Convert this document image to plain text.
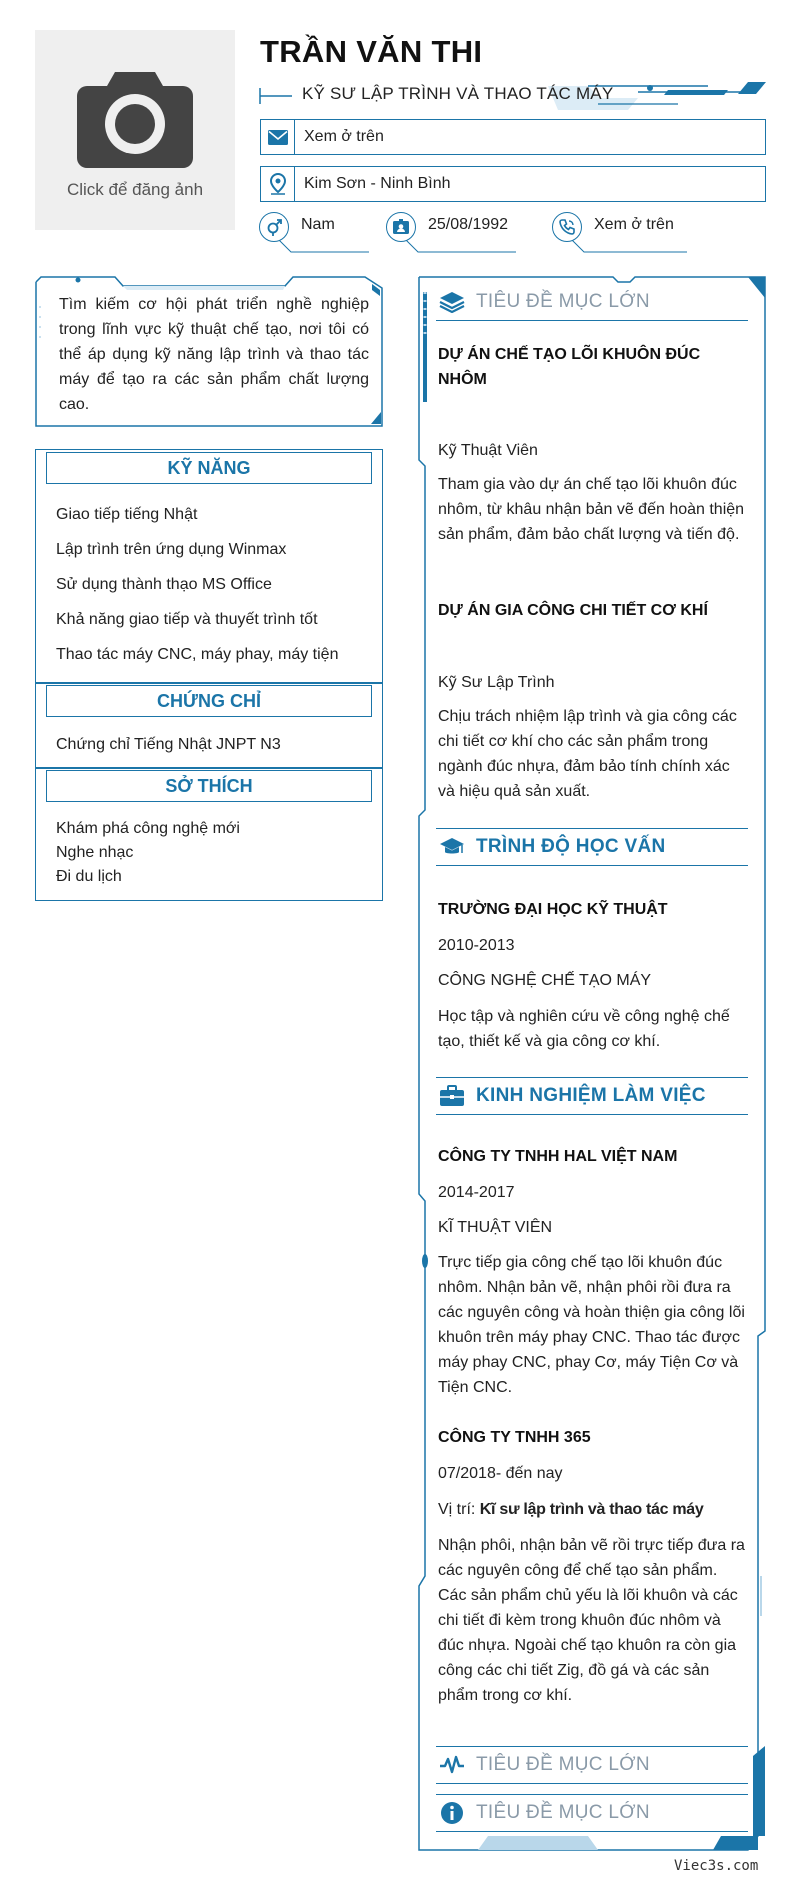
Click để đăng ảnh
TRẦN VĂN THI
KỸ SƯ LẬP TRÌNH VÀ THAO TÁC MÁY
Xem ở trên
Kim Sơn - Ninh Bình
Nam	25/08/1992	Xem ở trên
Tìm kiếm cơ hội phát triển nghề nghiệp trong lĩnh vực kỹ thuật chế tạo, nơi tôi có thể áp dụng kỹ năng lập trình và thao tác máy để tạo ra các sản phẩm chất lượng cao.
KỸ NĂNG
Giao tiếp tiếng Nhật
Lập trình trên ứng dụng Winmax
Sử dụng thành thạo MS Office
Khả năng giao tiếp và thuyết trình tốt
Thao tác máy CNC, máy phay, máy tiện
CHỨNG CHỈ
Chứng chỉ Tiếng Nhật JNPT N3
SỞ THÍCH
Khám phá công nghệ mới
Nghe nhạc
Đi du lịch
TIÊU ĐỀ MỤC LỚN
DỰ ÁN CHẾ TẠO LÕI KHUÔN ĐÚC NHÔM
Kỹ Thuật Viên
Tham gia vào dự án chế tạo lõi khuôn đúc nhôm, từ khâu nhận bản vẽ đến hoàn thiện sản phẩm, đảm bảo chất lượng và tiến độ.
DỰ ÁN GIA CÔNG CHI TIẾT CƠ KHÍ
Kỹ Sư Lập Trình
Chịu trách nhiệm lập trình và gia công các chi tiết cơ khí cho các sản phẩm trong ngành đúc nhựa, đảm bảo tính chính xác và hiệu quả sản xuất.
TRÌNH ĐỘ HỌC VẤN
TRƯỜNG ĐẠI HỌC KỸ THUẬT
2010-2013
CÔNG NGHỆ CHẾ TẠO MÁY
Học tập và nghiên cứu về công nghệ chế tạo, thiết kế và gia công cơ khí.
KINH NGHIỆM LÀM VIỆC
CÔNG TY TNHH HAL VIỆT NAM
2014-2017
KĨ THUẬT VIÊN
Trực tiếp gia công chế tạo lõi khuôn đúc nhôm. Nhận bản vẽ, nhận phôi rồi đưa ra các nguyên công và hoàn thiện gia công lõi khuôn trên máy phay CNC. Thao tác được máy phay CNC, phay Cơ, máy Tiện Cơ và Tiện CNC.
CÔNG TY TNHH 365
07/2018- đến nay
Vị trí: Kĩ sư lập trình và thao tác máy
Nhận phôi, nhận bản vẽ rồi trực tiếp đưa ra các nguyên công để chế tạo sản phẩm. Các sản phẩm chủ yếu là lõi khuôn và các chi tiết đi kèm trong khuôn đúc nhôm và đúc nhựa. Ngoài chế tạo khuôn ra còn gia công các chi tiết Zig, đồ gá và các sản phẩm trong cơ khí.
TIÊU ĐỀ MỤC LỚN
TIÊU ĐỀ MỤC LỚN
Viec3s.com
